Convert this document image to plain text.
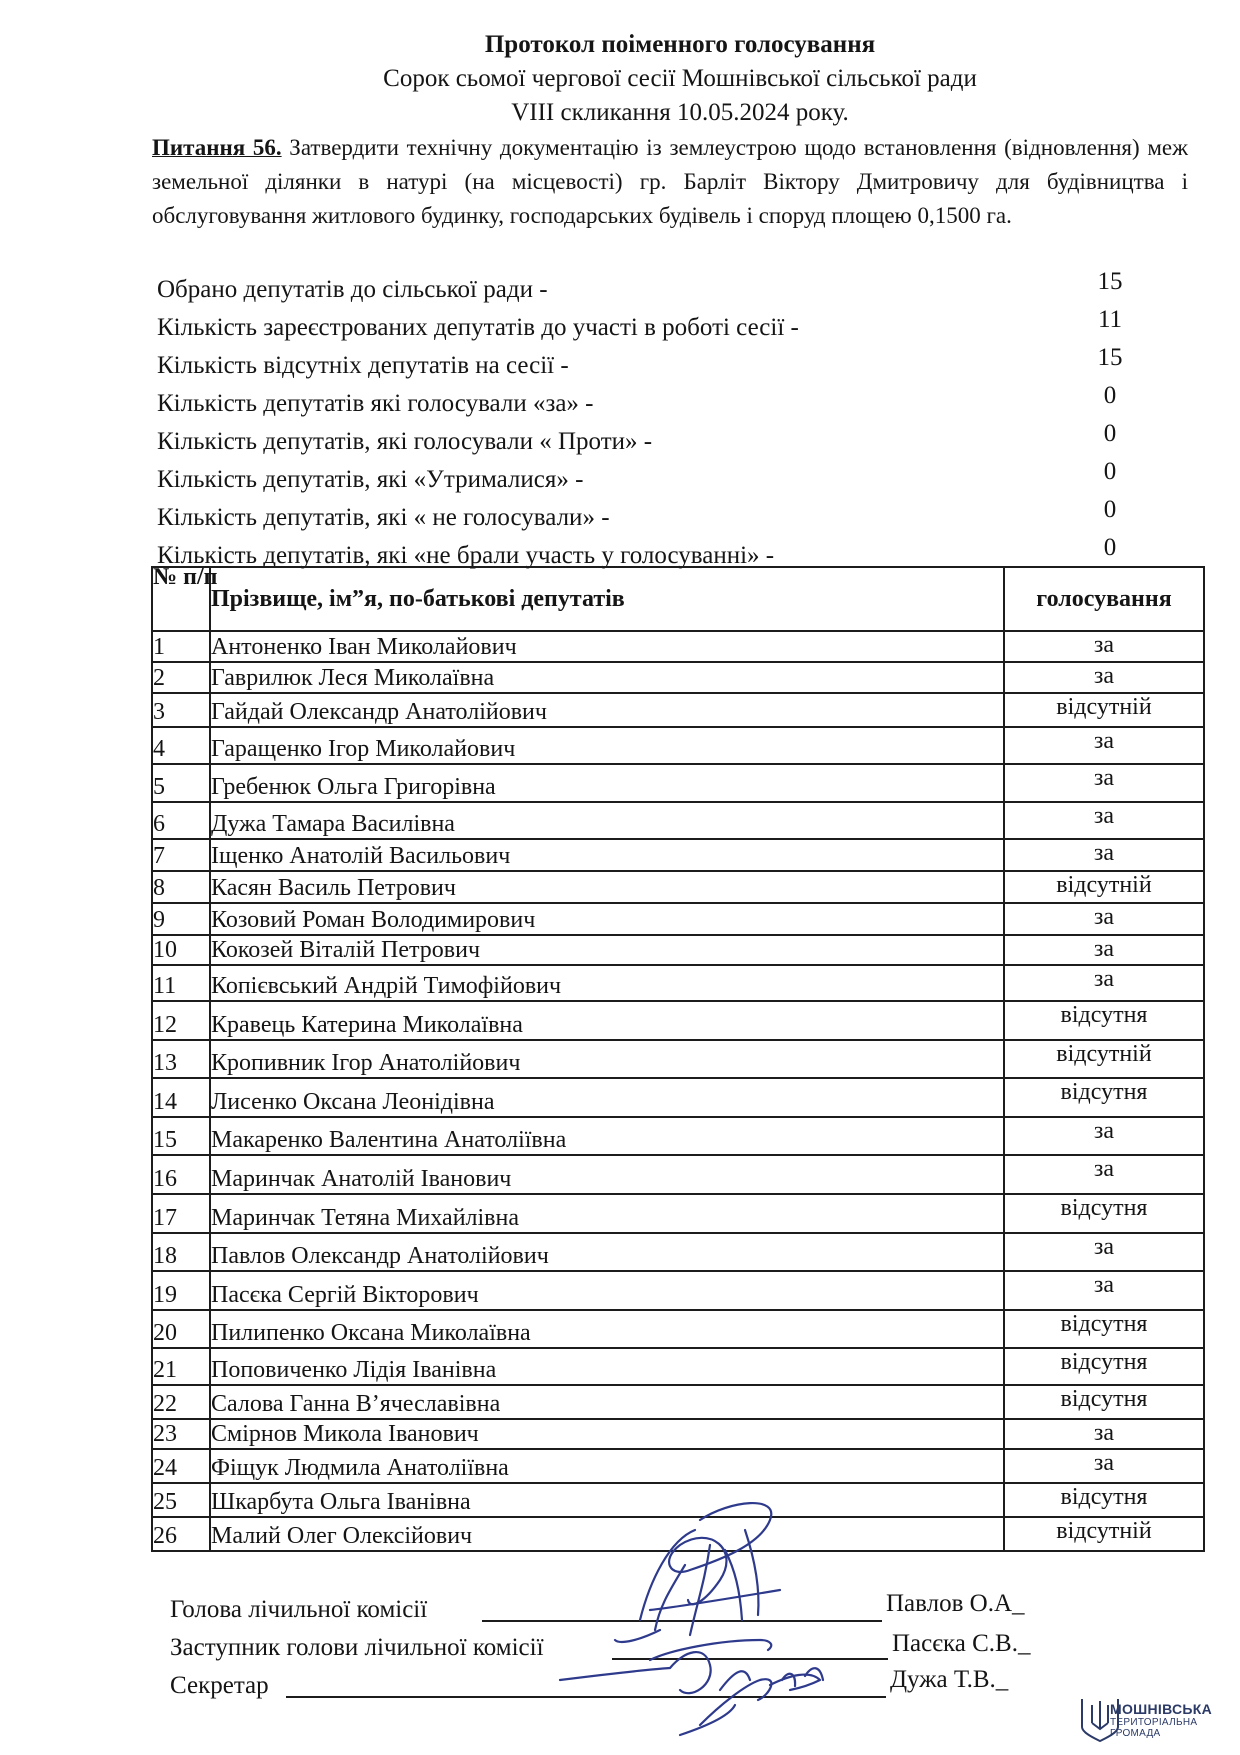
Протокол поіменного голосування
Сорок сьомої чергової сесії Мошнівської сільської ради
VIII скликання 10.05.2024 року.
Питання 56. Затвердити технічну документацію із землеустрою щодо встановлення (відновлення) меж земельної ділянки в натурі (на місцевості) гр. Барліт Віктору Дмитровичу для будівництва і обслуговування житлового будинку, господарських будівель і споруд площею 0,1500 га.
Обрано депутатів до сільської ради -	15
Кількість зареєстрованих депутатів до участі в роботі сесії -	11
Кількість відсутніх депутатів на сесії -	15
Кількість депутатів які голосували «за» -	0
Кількість депутатів, які голосували « Проти» -	0
Кількість депутатів, які «Утрималися» -	0
Кількість депутатів, які « не голосували» -	0
Кількість депутатів, які «не брали участь у голосуванні» -	0
№ п/п	Прізвище, ім”я, по-батькові депутатів	голосування
1	Антоненко Іван Миколайович	за
2	Гаврилюк Леся Миколаївна	за
3	Гайдай Олександр Анатолійович	відсутній
4	Гаращенко Ігор Миколайович	за
5	Гребенюк Ольга Григорівна	за
6	Дужа Тамара Василівна	за
7	Іщенко Анатолій Васильович	за
8	Касян Василь Петрович	відсутній
9	Козовий Роман Володимирович	за
10	Кокозей Віталій Петрович	за
11	Копієвський Андрій Тимофійович	за
12	Кравець Катерина Миколаївна	відсутня
13	Кропивник Ігор Анатолійович	відсутній
14	Лисенко Оксана Леонідівна	відсутня
15	Макаренко Валентина Анатоліївна	за
16	Маринчак Анатолій Іванович	за
17	Маринчак Тетяна Михайлівна	відсутня
18	Павлов Олександр Анатолійович	за
19	Пасєка Сергій Вікторович	за
20	Пилипенко Оксана Миколаївна	відсутня
21	Поповиченко Лідія Іванівна	відсутня
22	Салова Ганна В’ячеславівна	відсутня
23	Смірнов Микола Іванович	за
24	Фіщук Людмила Анатоліївна	за
25	Шкарбута Ольга Іванівна	відсутня
26	Малий Олег Олексійович	відсутній
Голова лічильної комісії	Павлов О.А_
Заступник голови лічильної комісії	Пасєка С.В._
Секретар	Дужа Т.В._
МОШНІВСЬКА
ТЕРИТОРІАЛЬНА
ГРОМАДА
